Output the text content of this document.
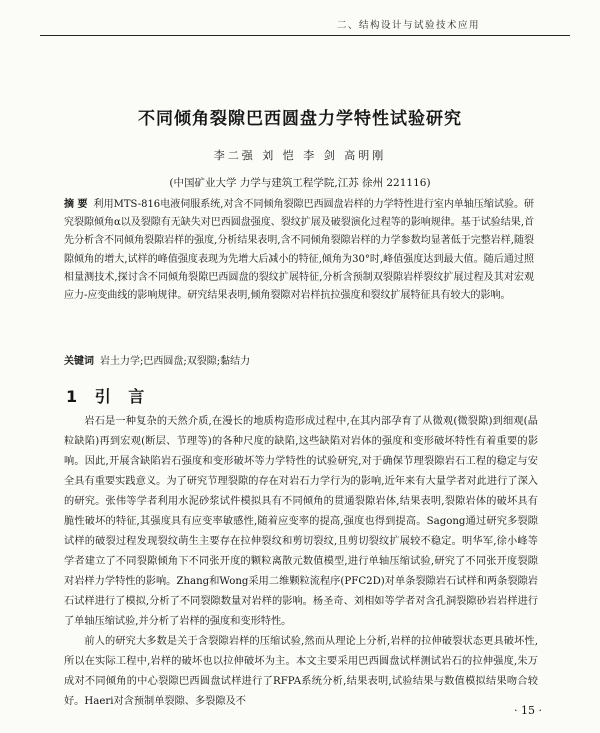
二、结构设计与试验技术应用
不同倾角裂隙巴西圆盘力学特性试验研究
李二强 刘 恺 李 剑 高明刚
(中国矿业大学 力学与建筑工程学院,江苏 徐州 221116)
摘 要 利用MTS-816电液伺服系统,对含不同倾角裂隙巴西圆盘岩样的力学特性进行室内单轴压缩试验。研究裂隙倾角α以及裂隙有无缺失对巴西圆盘强度、裂纹扩展及破裂演化过程等的影响规律。基于试验结果,首先分析含不同倾角裂隙岩样的强度,分析结果表明,含不同倾角裂隙岩样的力学参数均显著低于完整岩样,随裂隙倾角的增大,试样的峰值强度表现为先增大后减小的特征,倾角为30°时,峰值强度达到最大值。随后通过照相量测技术,探讨含不同倾角裂隙巴西圆盘的裂纹扩展特征,分析含预制双裂隙岩样裂纹扩展过程及其对宏观应力-应变曲线的影响规律。研究结果表明,倾角裂隙对岩样抗拉强度和裂纹扩展特征具有较大的影响。
关键词 岩土力学;巴西圆盘;双裂隙;黏结力
1 引 言

岩石是一种复杂的天然介质,在漫长的地质构造形成过程中,在其内部孕育了从微观(微裂隙)到细观(晶粒缺陷)再到宏观(断层、节理等)的各种尺度的缺陷,这些缺陷对岩体的强度和变形破坏特性有着重要的影响。因此,开展含缺陷岩石强度和变形破坏等力学特性的试验研究,对于确保节理裂隙岩石工程的稳定与安全具有重要实践意义。为了研究节理裂隙的存在对岩石力学行为的影响,近年来有大量学者对此进行了深入的研究。张伟等学者利用水泥砂浆试件模拟具有不同倾角的贯通裂隙岩体,结果表明,裂隙岩体的破坏具有脆性破坏的特征,其强度具有应变率敏感性,随着应变率的提高,强度也得到提高。Sagong通过研究多裂隙试样的破裂过程发现裂纹萌生主要存在拉伸裂纹和剪切裂纹,且剪切裂纹扩展较不稳定。明华军,徐小峰等学者建立了不同裂隙倾角下不同张开度的颗粒离散元数值模型,进行单轴压缩试验,研究了不同张开度裂隙对岩样力学特性的影响。Zhang和Wong采用二维颗粒流程序(PFC2D)对单条裂隙岩石试样和两条裂隙岩石试样进行了模拟,分析了不同裂隙数量对岩样的影响。杨圣奇、刘相如等学者对含孔洞裂隙砂岩岩样进行了单轴压缩试验,并分析了岩样的强度和变形特性。

前人的研究大多数是关于含裂隙岩样的压缩试验,然而从理论上分析,岩样的拉伸破裂状态更具破坏性,所以在实际工程中,岩样的破坏也以拉伸破坏为主。本文主要采用巴西圆盘试样测试岩石的拉伸强度,朱万成对不同倾角的中心裂隙巴西圆盘试样进行了RFPA系统分析,结果表明,试验结果与数值模拟结果吻合较好。Haeri对含预制单裂隙、多裂隙及不

· 15 ·
